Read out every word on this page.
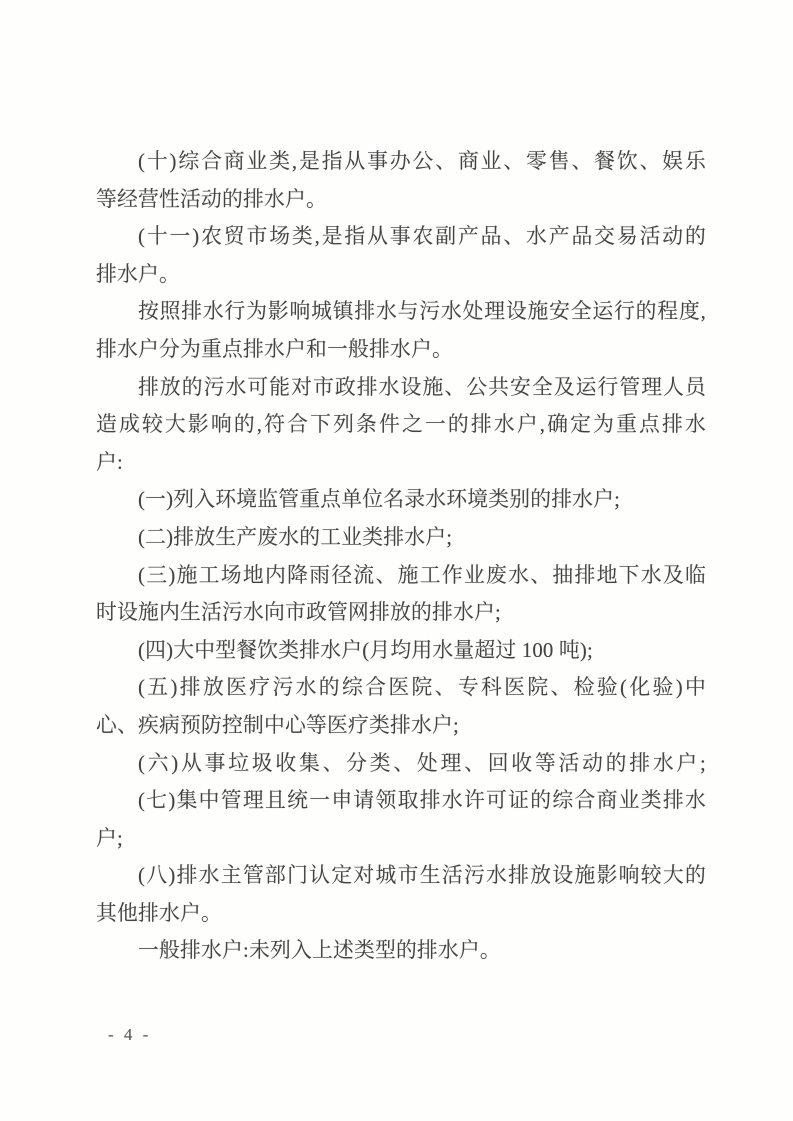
(十)综合商业类,是指从事办公、商业、零售、餐饮、娱乐
等经营性活动的排水户。
(十一)农贸市场类,是指从事农副产品、水产品交易活动的
排水户。
按照排水行为影响城镇排水与污水处理设施安全运行的程度,
排水户分为重点排水户和一般排水户。
排放的污水可能对市政排水设施、公共安全及运行管理人员
造成较大影响的,符合下列条件之一的排水户,确定为重点排水
户:
(一)列入环境监管重点单位名录水环境类别的排水户;
(二)排放生产废水的工业类排水户;
(三)施工场地内降雨径流、施工作业废水、抽排地下水及临
时设施内生活污水向市政管网排放的排水户;
(四)大中型餐饮类排水户(月均用水量超过 100 吨);
(五)排放医疗污水的综合医院、专科医院、检验(化验)中
心、疾病预防控制中心等医疗类排水户;
(六)从事垃圾收集、分类、处理、回收等活动的排水户;
(七)集中管理且统一申请领取排水许可证的综合商业类排水
户;
(八)排水主管部门认定对城市生活污水排放设施影响较大的
其他排水户。
一般排水户:未列入上述类型的排水户。
- 4 -
